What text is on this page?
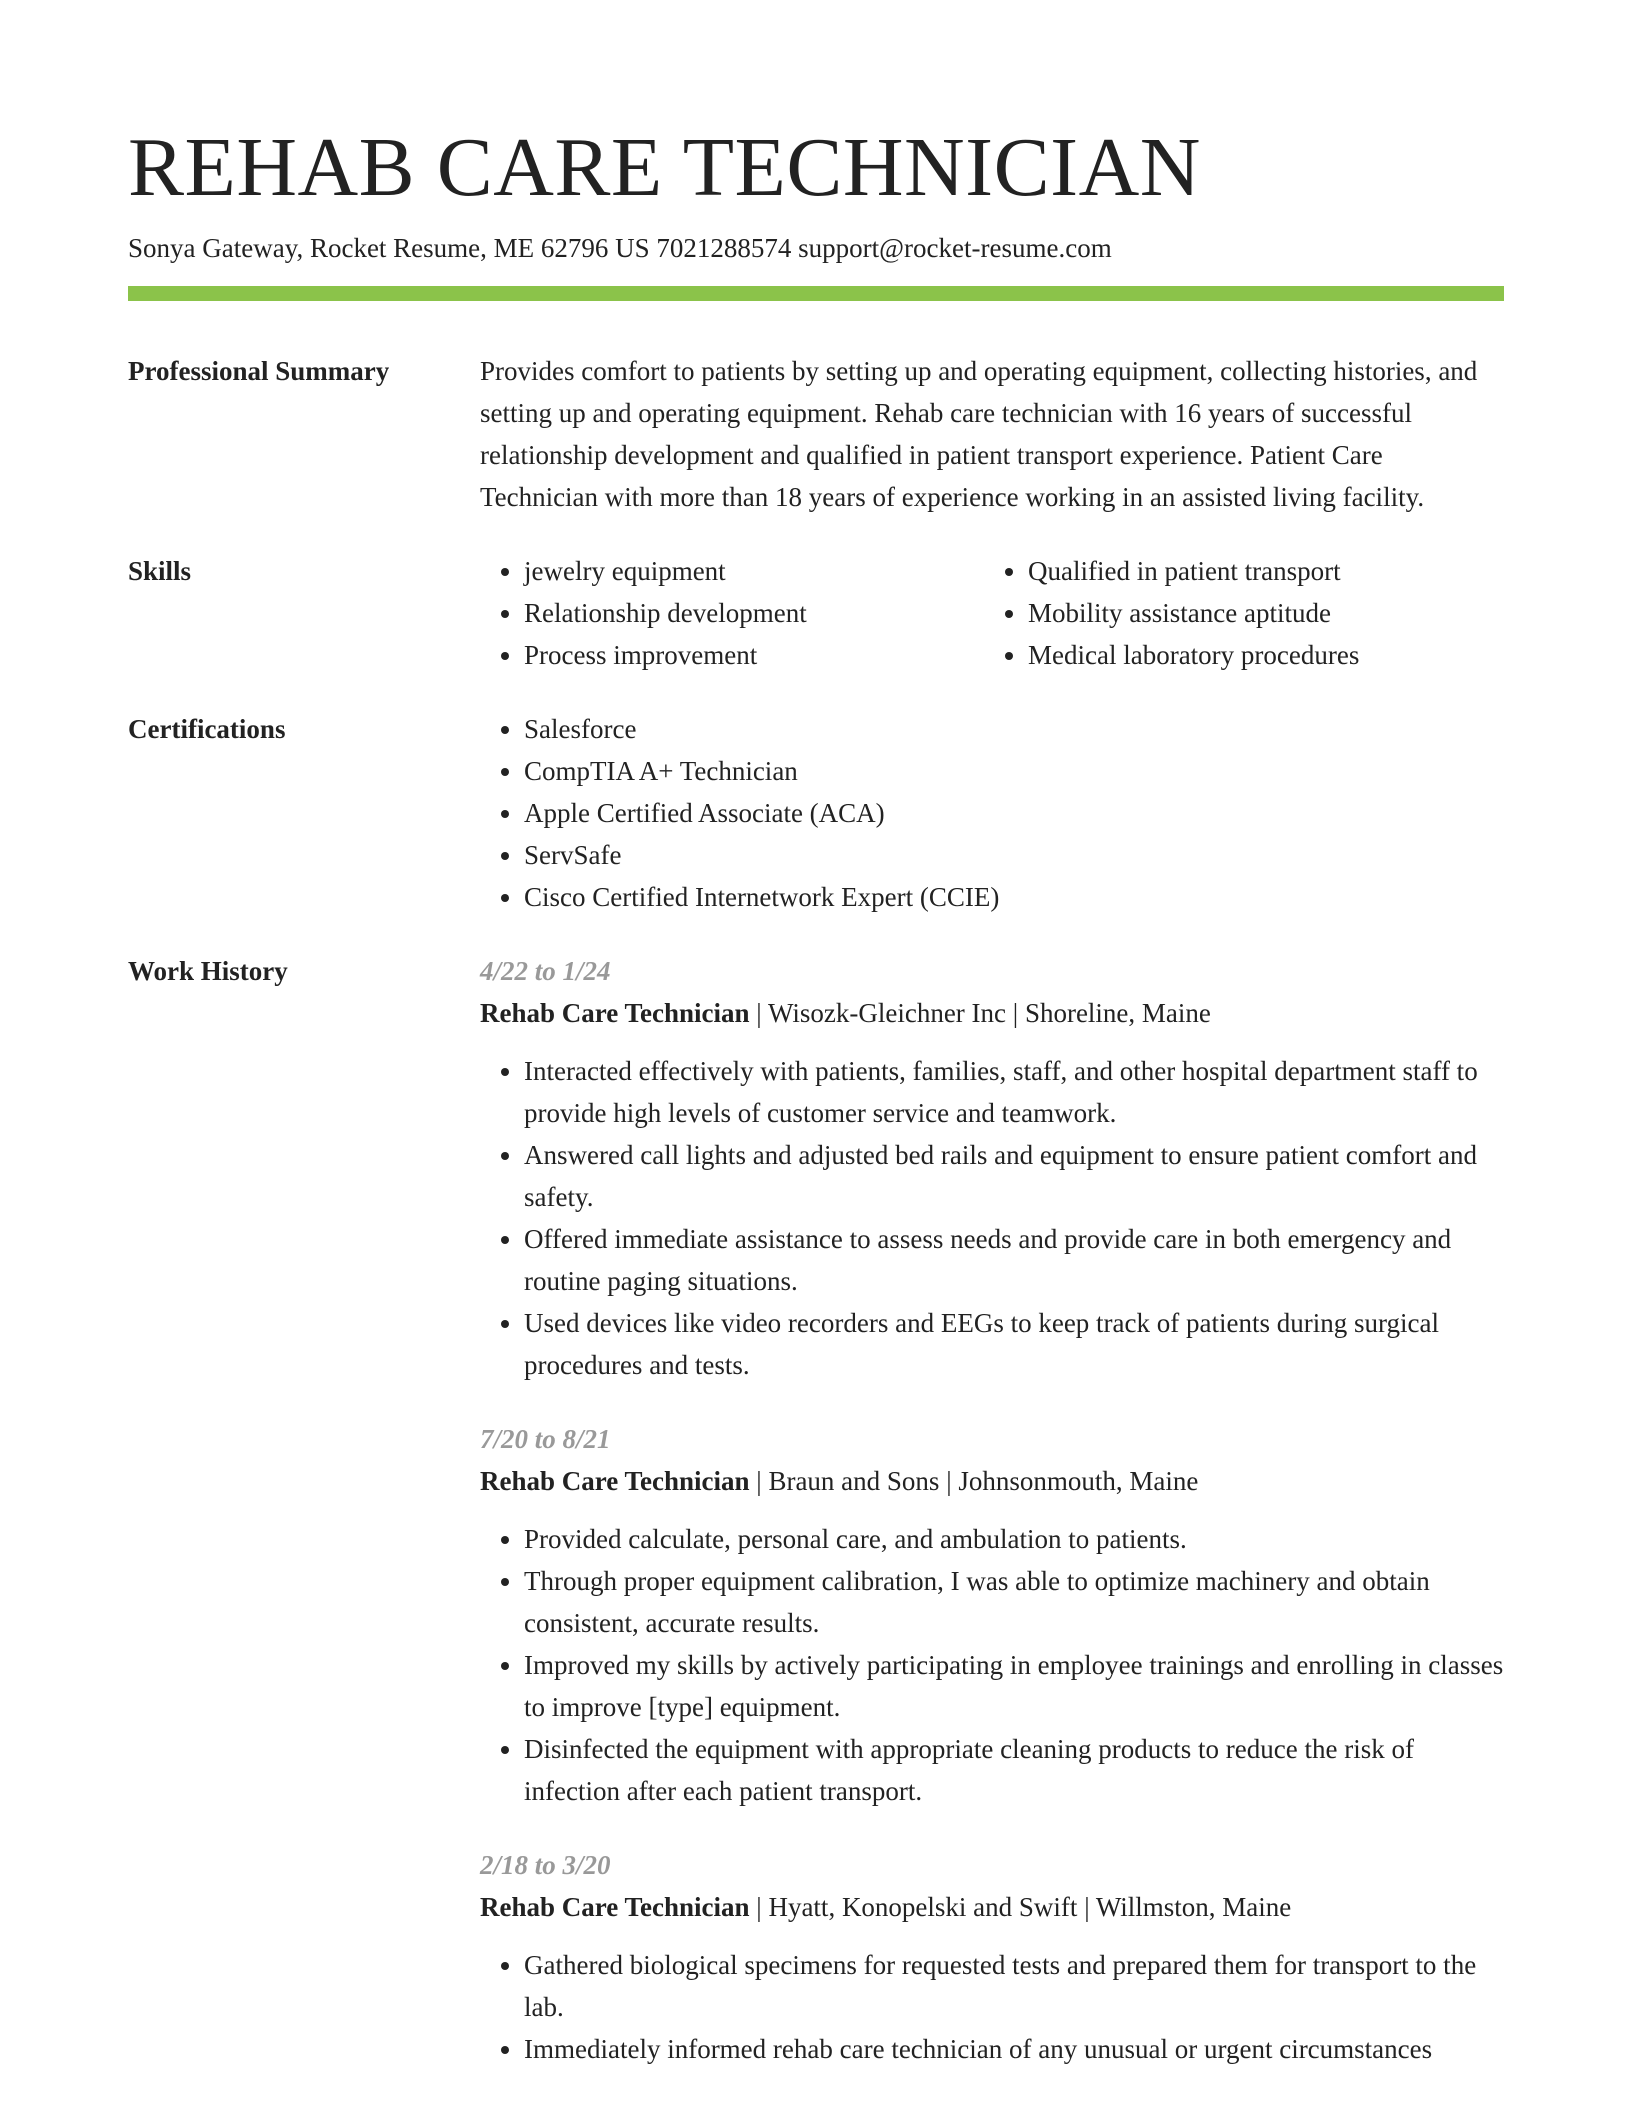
REHAB CARE TECHNICIAN
Sonya Gateway, Rocket Resume, ME 62796 US 7021288574 support@rocket-resume.com
Professional Summary	Provides comfort to patients by setting up and operating equipment, collecting histories, and setting up and operating equipment. Rehab care technician with 16 years of successful relationship development and qualified in patient transport experience. Patient Care Technician with more than 18 years of experience working in an assisted living facility.

Skills	• jewelry equipment
• Relationship development
• Process improvement
• Qualified in patient transport
• Mobility assistance aptitude
• Medical laboratory procedures
Certifications	• Salesforce
• CompTIA A+ Technician
• Apple Certified Associate (ACA)
• ServSafe
• Cisco Certified Internetwork Expert (CCIE)
Work History	4/22 to 1/24
Rehab Care Technician | Wisozk-Gleichner Inc | Shoreline, Maine
• Interacted effectively with patients, families, staff, and other hospital department staff to provide high levels of customer service and teamwork.
• Answered call lights and adjusted bed rails and equipment to ensure patient comfort and safety.
• Offered immediate assistance to assess needs and provide care in both emergency and routine paging situations.
• Used devices like video recorders and EEGs to keep track of patients during surgical procedures and tests.
7/20 to 8/21
Rehab Care Technician | Braun and Sons | Johnsonmouth, Maine
• Provided calculate, personal care, and ambulation to patients.
• Through proper equipment calibration, I was able to optimize machinery and obtain consistent, accurate results.
• Improved my skills by actively participating in employee trainings and enrolling in classes to improve [type] equipment.
• Disinfected the equipment with appropriate cleaning products to reduce the risk of infection after each patient transport.
2/18 to 3/20
Rehab Care Technician | Hyatt, Konopelski and Swift | Willmston, Maine
• Gathered biological specimens for requested tests and prepared them for transport to the lab.
• Immediately informed rehab care technician of any unusual or urgent circumstances
